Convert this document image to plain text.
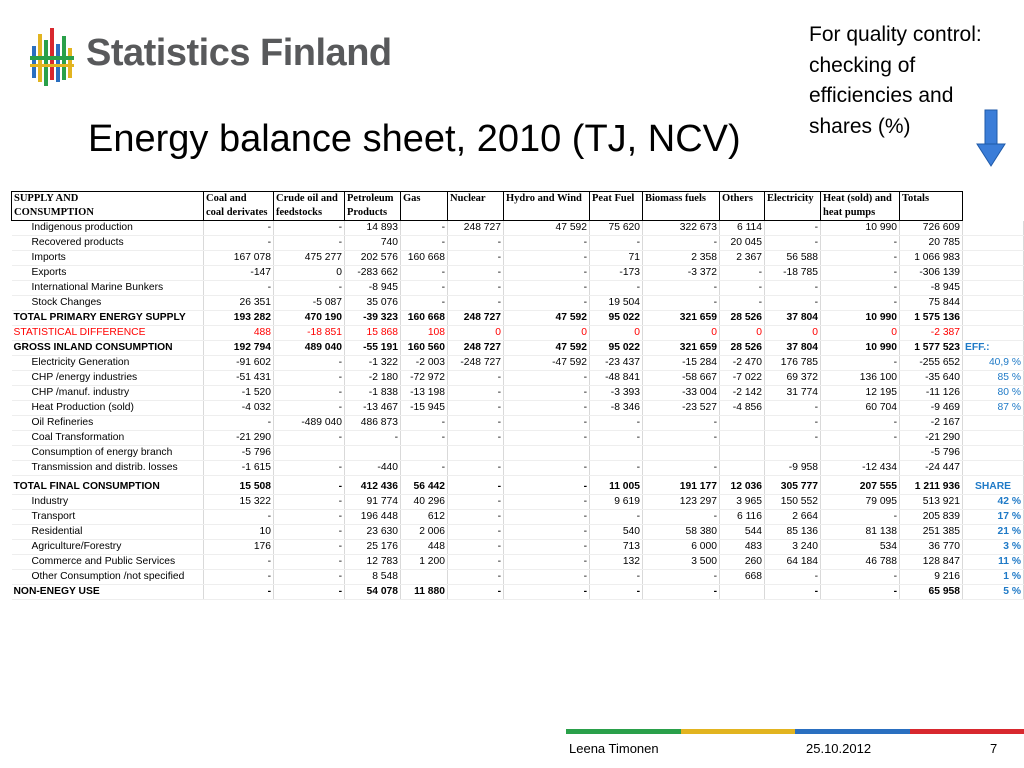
Statistics Finland
Energy balance sheet, 2010 (TJ, NCV)
For quality control: checking of efficiencies and shares (%)
SUPPLY AND	Coal and	Crude oil and	Petroleum	Gas	Nuclear	Hydro and Wind	Peat Fuel	Biomass fuels	Others	Electricity	Heat (sold) and	Totals	
CONSUMPTION	coal derivates	feedstocks	Products								heat pumps		
Indigenous production	-	-	14 893	-	248 727	47 592	75 620	322 673	6 114	-	10 990	726 609	
Recovered products	-	-	740	-	-	-	-	-	20 045	-	-	20 785	
Imports	167 078	475 277	202 576	160 668	-	-	71	2 358	2 367	56 588	-	1 066 983	
Exports	-147	0	-283 662	-	-	-	-173	-3 372	-	-18 785	-	-306 139	
International Marine Bunkers	-	-	-8 945	-	-	-	-	-	-	-	-	-8 945	
Stock Changes	26 351	-5 087	35 076	-	-	-	19 504	-	-	-	-	75 844	
TOTAL PRIMARY ENERGY SUPPLY	193 282	470 190	-39 323	160 668	248 727	47 592	95 022	321 659	28 526	37 804	10 990	1 575 136	
STATISTICAL DIFFERENCE	488	-18 851	15 868	108	0	0	0	0	0	0	0	-2 387	
GROSS INLAND CONSUMPTION	192 794	489 040	-55 191	160 560	248 727	47 592	95 022	321 659	28 526	37 804	10 990	1 577 523	EFF.:
Electricity Generation	-91 602	-	-1 322	-2 003	-248 727	-47 592	-23 437	-15 284	-2 470	176 785	-	-255 652	40,9 %
CHP /energy industries	-51 431	-	-2 180	-72 972	-	-	-48 841	-58 667	-7 022	69 372	136 100	-35 640	85 %
CHP /manuf. industry	-1 520	-	-1 838	-13 198	-	-	-3 393	-33 004	-2 142	31 774	12 195	-11 126	80 %
Heat Production (sold)	-4 032	-	-13 467	-15 945	-	-	-8 346	-23 527	-4 856	-	60 704	-9 469	87 %
Oil Refineries	-	-489 040	486 873	-	-	-	-	-		-	-	-2 167	
Coal Transformation	-21 290	-	-	-	-	-	-	-		-	-	-21 290	
Consumption of energy branch	-5 796											-5 796	
Transmission and distrib. losses	-1 615	-	-440	-	-	-	-	-		-9 958	-12 434	-24 447	

TOTAL FINAL CONSUMPTION	15 508	-	412 436	56 442	-	-	11 005	191 177	12 036	305 777	207 555	1 211 936	SHARE
Industry	15 322	-	91 774	40 296	-	-	9 619	123 297	3 965	150 552	79 095	513 921	42 %
Transport	-	-	196 448	612	-	-	-	-	6 116	2 664	-	205 839	17 %
Residential	10	-	23 630	2 006	-	-	540	58 380	544	85 136	81 138	251 385	21 %
Agriculture/Forestry	176	-	25 176	448	-	-	713	6 000	483	3 240	534	36 770	3 %
Commerce and Public Services	-	-	12 783	1 200	-	-	132	3 500	260	64 184	46 788	128 847	11 %
Other Consumption /not specified	-	-	8 548		-	-	-	-	668	-	-	9 216	1 %
NON-ENEGY USE	-	-	54 078	11 880	-	-	-	-		-	-	65 958	5 %
Leena Timonen	25.10.2012	7
